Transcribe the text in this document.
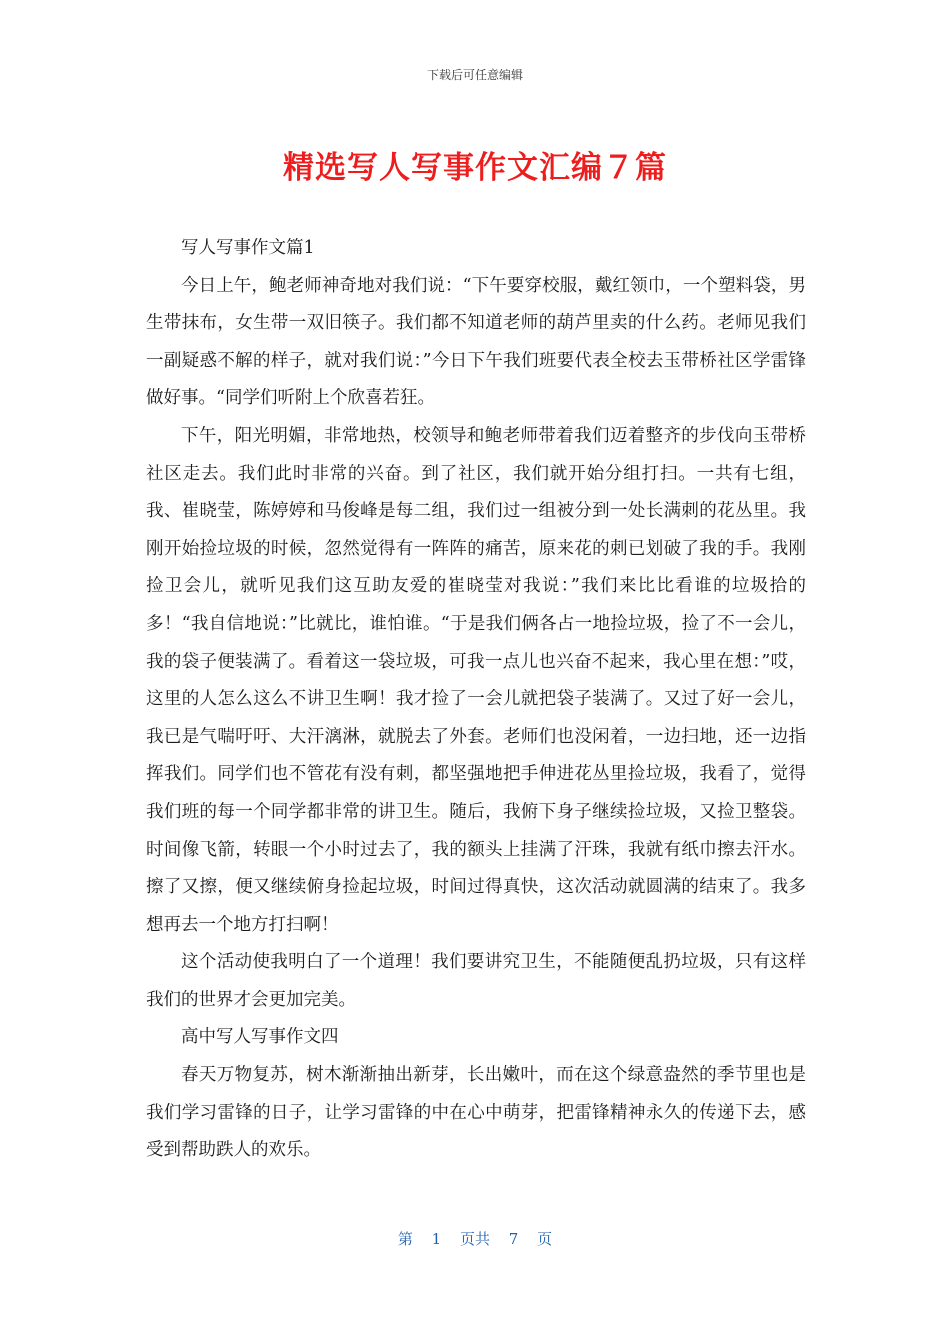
下载后可任意编辑
精选写人写事作文汇编７篇

写人写事作文篇1

今日上午，鲍老师神奇地对我们说：“下午要穿校服，戴红领巾，一个塑料袋，男生带抹布，女生带一双旧筷子。我们都不知道老师的葫芦里卖的什么药。老师见我们一副疑惑不解的样子，就对我们说：”今日下午我们班要代表全校去玉带桥社区学雷锋做好事。“同学们听附上个欣喜若狂。

下午，阳光明媚，非常地热，校领导和鲍老师带着我们迈着整齐的步伐向玉带桥社区走去。我们此时非常的兴奋。到了社区，我们就开始分组打扫。一共有七组，我、崔晓莹，陈婷婷和马俊峰是每二组，我们过一组被分到一处长满刺的花丛里。我刚开始捡垃圾的时候，忽然觉得有一阵阵的痛苦，原来花的刺已划破了我的手。我刚捡卫会儿，就听见我们这互助友爱的崔晓莹对我说：”我们来比比看谁的垃圾拾的多！“我自信地说：”比就比，谁怕谁。“于是我们俩各占一地捡垃圾，捡了不一会儿，我的袋子便装满了。看着这一袋垃圾，可我一点儿也兴奋不起来，我心里在想：”哎，这里的人怎么这么不讲卫生啊！我才捡了一会儿就把袋子装满了。又过了好一会儿，我已是气喘吁吁、大汗漓淋，就脱去了外套。老师们也没闲着，一边扫地，还一边指挥我们。同学们也不管花有没有刺，都坚强地把手伸进花丛里捡垃圾，我看了，觉得我们班的每一个同学都非常的讲卫生。随后，我俯下身子继续捡垃圾，又捡卫整袋。时间像飞箭，转眼一个小时过去了，我的额头上挂满了汗珠，我就有纸巾擦去汗水。擦了又擦，便又继续俯身捡起垃圾，时间过得真快，这次活动就圆满的结束了。我多想再去一个地方打扫啊！

这个活动使我明白了一个道理！我们要讲究卫生，不能随便乱扔垃圾，只有这样我们的世界才会更加完美。

高中写人写事作文四

春天万物复苏，树木渐渐抽出新芽，长出嫩叶，而在这个绿意盎然的季节里也是我们学习雷锋的日子，让学习雷锋的中在心中萌芽，把雷锋精神永久的传递下去，感受到帮助跌人的欢乐。

第 1 页共 7 页
